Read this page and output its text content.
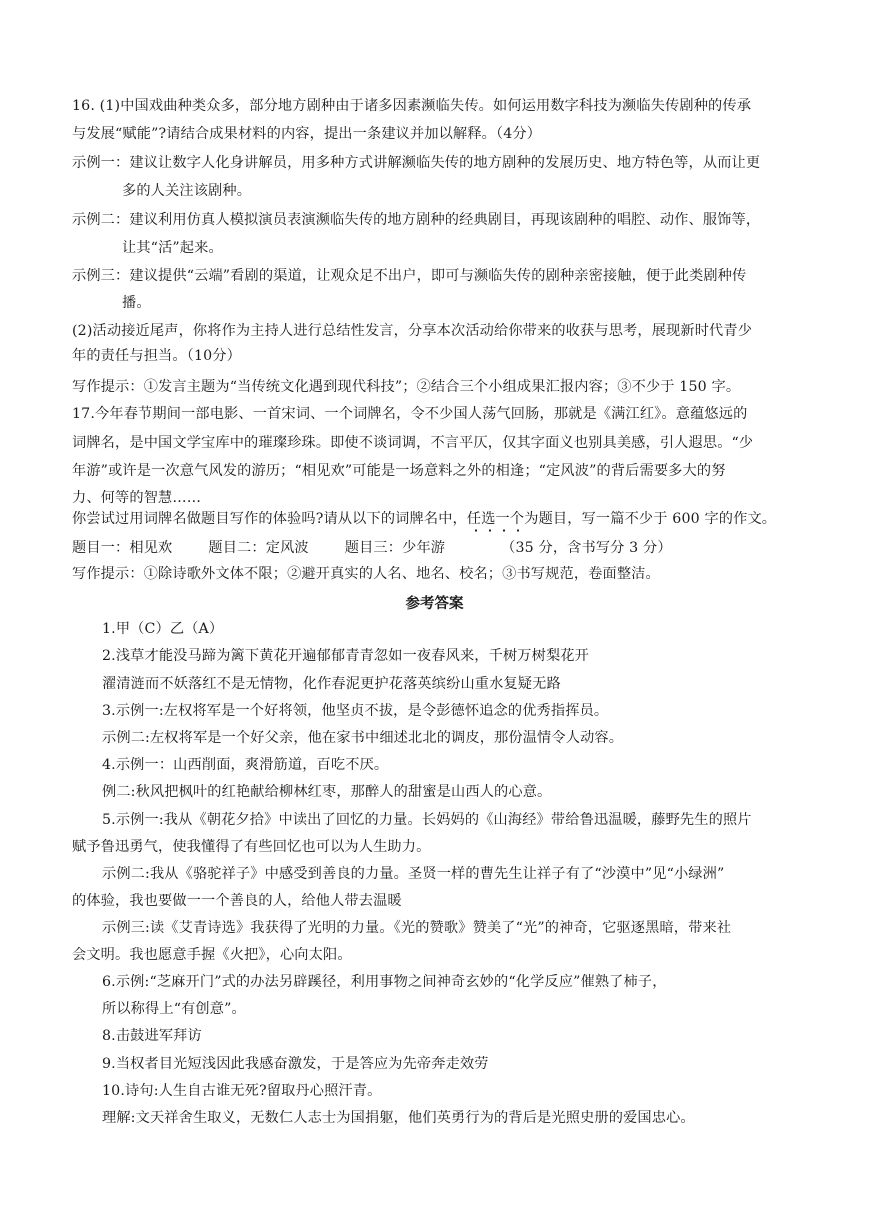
16. (1)中国戏曲种类众多，部分地方剧种由于诸多因素濒临失传。如何运用数字科技为濒临失传剧种的传承
与发展“赋能”?请结合成果材料的内容，提出一条建议并加以解释。（4分）
示例一：建议让数字人化身讲解员，用多种方式讲解濒临失传的地方剧种的发展历史、地方特色等，从而让更
多的人关注该剧种。
示例二：建议利用仿真人模拟演员表演濒临失传的地方剧种的经典剧目，再现该剧种的唱腔、动作、服饰等，
让其“活”起来。
示例三：建议提供“云端”看剧的渠道，让观众足不出户，即可与濒临失传的剧种亲密接触，便于此类剧种传
播。
(2)活动接近尾声，你将作为主持人进行总结性发言，分享本次活动给你带来的收获与思考，展现新时代青少
年的责任与担当。（10分）
写作提示：①发言主题为“当传统文化遇到现代科技”；②结合三个小组成果汇报内容；③不少于 150 字。
17.今年春节期间一部电影、一首宋词、一个词牌名，令不少国人荡气回肠，那就是《满江红》。意蕴悠远的
词牌名，是中国文学宝库中的璀璨珍珠。即使不谈词调，不言平仄，仅其字面义也别具美感，引人遐思。“少
年游”或许是一次意气风发的游历；“相见欢”可能是一场意料之外的相逢；“定风波”的背后需要多大的努
力、何等的智慧……
你尝试过用词牌名做题目写作的体验吗?请从以下的词牌名中，任选一个为题目，写一篇不少于 600 字的作文。
题目一：相见欢	题目二：定风波	题目三：少年游	（35 分，含书写分 3 分）
写作提示：①除诗歌外文体不限；②避开真实的人名、地名、校名；③书写规范，卷面整洁。
参考答案
1.甲（C）乙（A）
2.浅草才能没马蹄为篱下黄花开遍郁郁青青忽如一夜春风来，千树万树梨花开
濯清涟而不妖落红不是无情物，化作春泥更护花落英缤纷山重水复疑无路
3.示例一:左权将军是一个好将领，他坚贞不拔，是令彭德怀追念的优秀指挥员。
示例二:左权将军是一个好父亲，他在家书中细述北北的调皮，那份温情令人动容。
4.示例一：山西削面，爽滑筋道，百吃不厌。
例二:秋风把枫叶的红艳献给柳林红枣，那醉人的甜蜜是山西人的心意。
5.示例一:我从《朝花夕拾》中读出了回忆的力量。长妈妈的《山海经》带给鲁迅温暖，藤野先生的照片
赋予鲁迅勇气，使我懂得了有些回忆也可以为人生助力。
示例二:我从《骆驼祥子》中感受到善良的力量。圣贤一样的曹先生让祥子有了“沙漠中”见“小绿洲”
的体验，我也要做一一个善良的人，给他人带去温暖
示例三:读《艾青诗选》我获得了光明的力量。《光的赞歌》赞美了“光”的神奇，它驱逐黑暗，带来社
会文明。我也愿意手握《火把》，心向太阳。
6.示例:“芝麻开门”式的办法另辟蹊径，利用事物之间神奇玄妙的“化学反应”催熟了柿子，
所以称得上“有创意”。
8.击鼓进军拜访
9.当权者目光短浅因此我感奋激发，于是答应为先帝奔走效劳
10.诗句:人生自古谁无死?留取丹心照汗青。
理解:文天祥舍生取义，无数仁人志士为国捐躯，他们英勇行为的背后是光照史册的爱国忠心。
